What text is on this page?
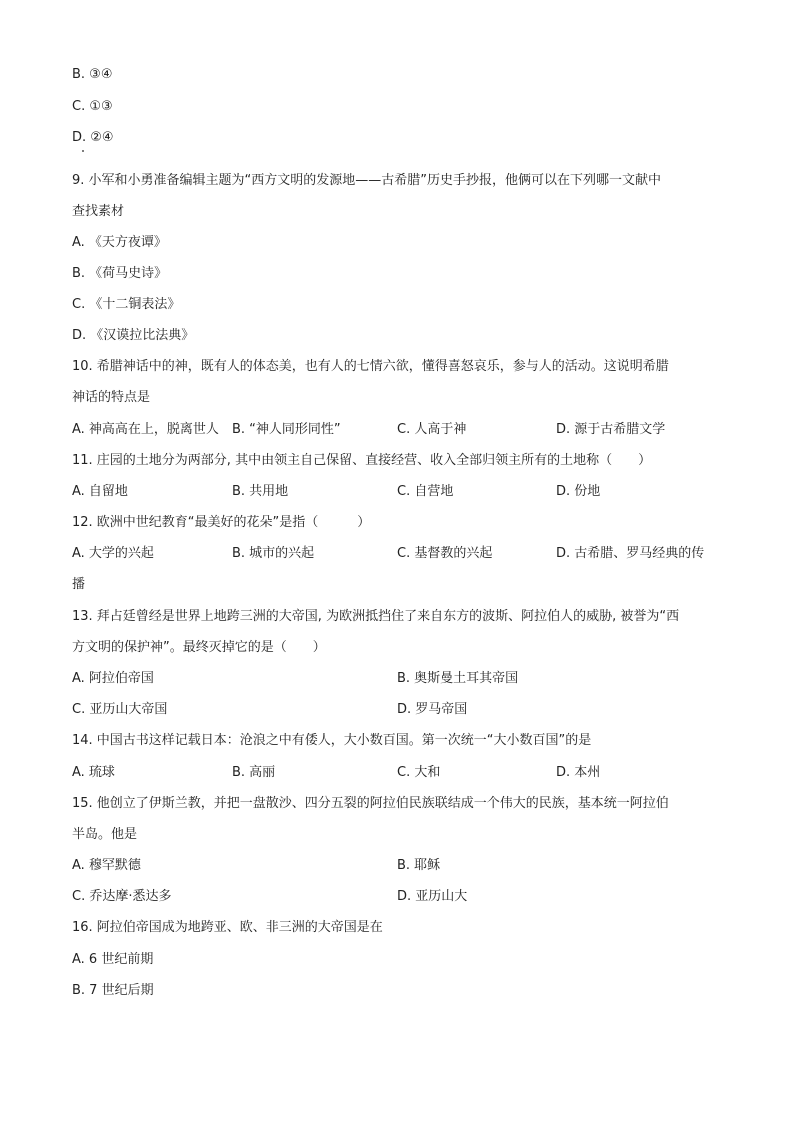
B. ③④
C. ①③
D. ②④
9. 小军和小勇准备编辑主题为“西方文明的发源地——古希腊”历史手抄报，他俩可以在下列哪一文献中
查找素材
A. 《天方夜谭》
B. 《荷马史诗》
C. 《十二铜表法》
D. 《汉谟拉比法典》
10. 希腊神话中的神，既有人的体态美，也有人的七情六欲，懂得喜怒哀乐，参与人的活动。这说明希腊
神话的特点是
A. 神高高在上，脱离世人 B. “神人同形同性”	C. 人高于神	D. 源于古希腊文学
11. 庄园的土地分为两部分, 其中由领主自己保留、直接经营、收入全部归领主所有的土地称（　　）
A. 自留地	B. 共用地	C. 自营地	D. 份地
12. 欧洲中世纪教育“最美好的花朵”是指（　　　）
A. 大学的兴起	B. 城市的兴起	C. 基督教的兴起	D. 古希腊、罗马经典的传
播
13. 拜占廷曾经是世界上地跨三洲的大帝国, 为欧洲抵挡住了来自东方的波斯、阿拉伯人的威胁, 被誉为“西
方文明的保护神”。最终灭掉它的是（　　）
A. 阿拉伯帝国	B. 奥斯曼土耳其帝国
C. 亚历山大帝国	D. 罗马帝国
14. 中国古书这样记载日本：沧浪之中有倭人，大小数百国。第一次统一“大小数百国”的是
A. 琉球	B. 高丽	C. 大和	D. 本州
15. 他创立了伊斯兰教，并把一盘散沙、四分五裂的阿拉伯民族联结成一个伟大的民族，基本统一阿拉伯
半岛。他是
A. 穆罕默德	B. 耶稣
C. 乔达摩·悉达多	D. 亚历山大
16. 阿拉伯帝国成为地跨亚、欧、非三洲的大帝国是在
A. 6 世纪前期
B. 7 世纪后期
